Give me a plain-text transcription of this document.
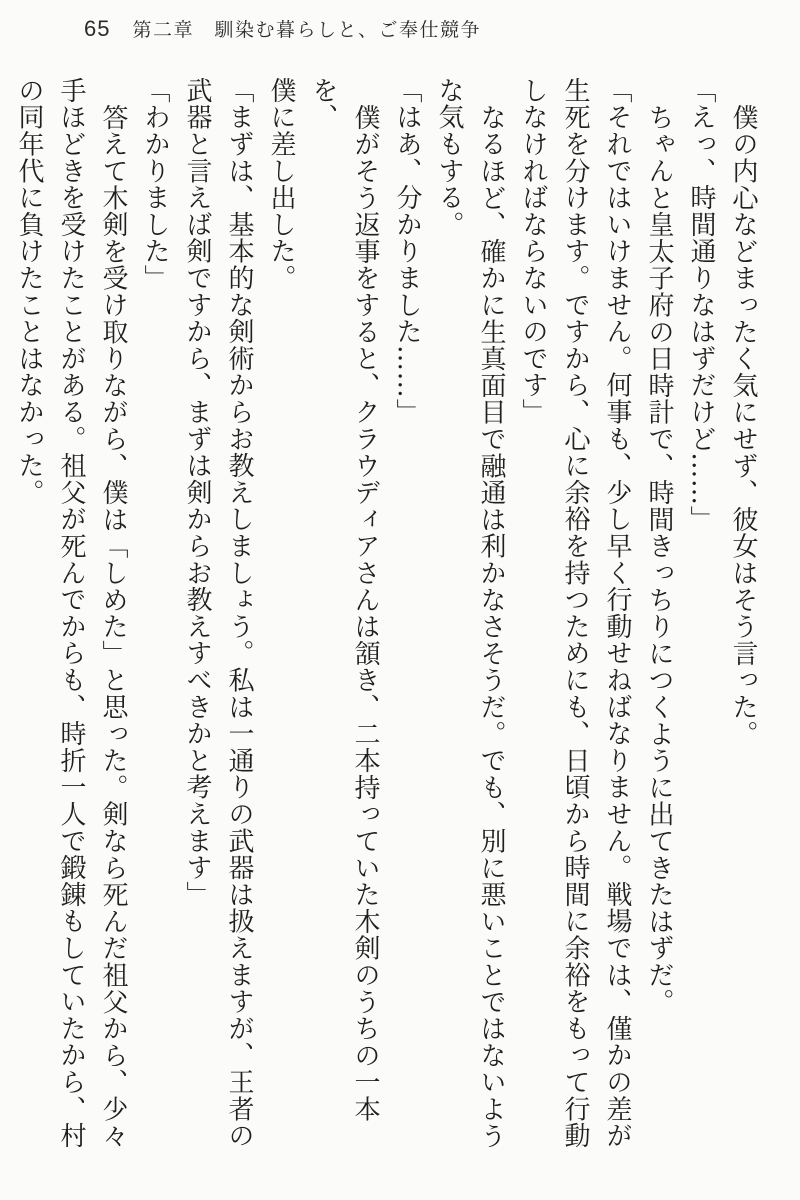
65 第二章　馴染む暮らしと、ご奉仕競争

僕の内心などまったく気にせず、彼女はそう言った。

「えっ、時間通りなはずだけど……」

ちゃんと皇太子府の日時計で、時間きっちりにつくように出てきたはずだ。

「それではいけません。何事も、少し早く行動せねばなりません。戦場では、僅かの差が

生死を分けます。ですから、心に余裕を持つためにも、日頃から時間に余裕をもって行動

しなければならないのです」

なるほど、確かに生真面目で融通は利かなさそうだ。でも、別に悪いことではないよう

な気もする。

「はあ、分かりました……」

僕がそう返事をすると、クラウディアさんは頷き、二本持っていた木剣のうちの一本を、

僕に差し出した。

「まずは、基本的な剣術からお教えしましょう。私は一通りの武器は扱えますが、王者の

武器と言えば剣ですから、まずは剣からお教えすべきかと考えます」

「わかりました」

答えて木剣を受け取りながら、僕は「しめた」と思った。剣なら死んだ祖父から、少々

手ほどきを受けたことがある。祖父が死んでからも、時折一人で鍛錬もしていたから、村

の同年代に負けたことはなかった。
